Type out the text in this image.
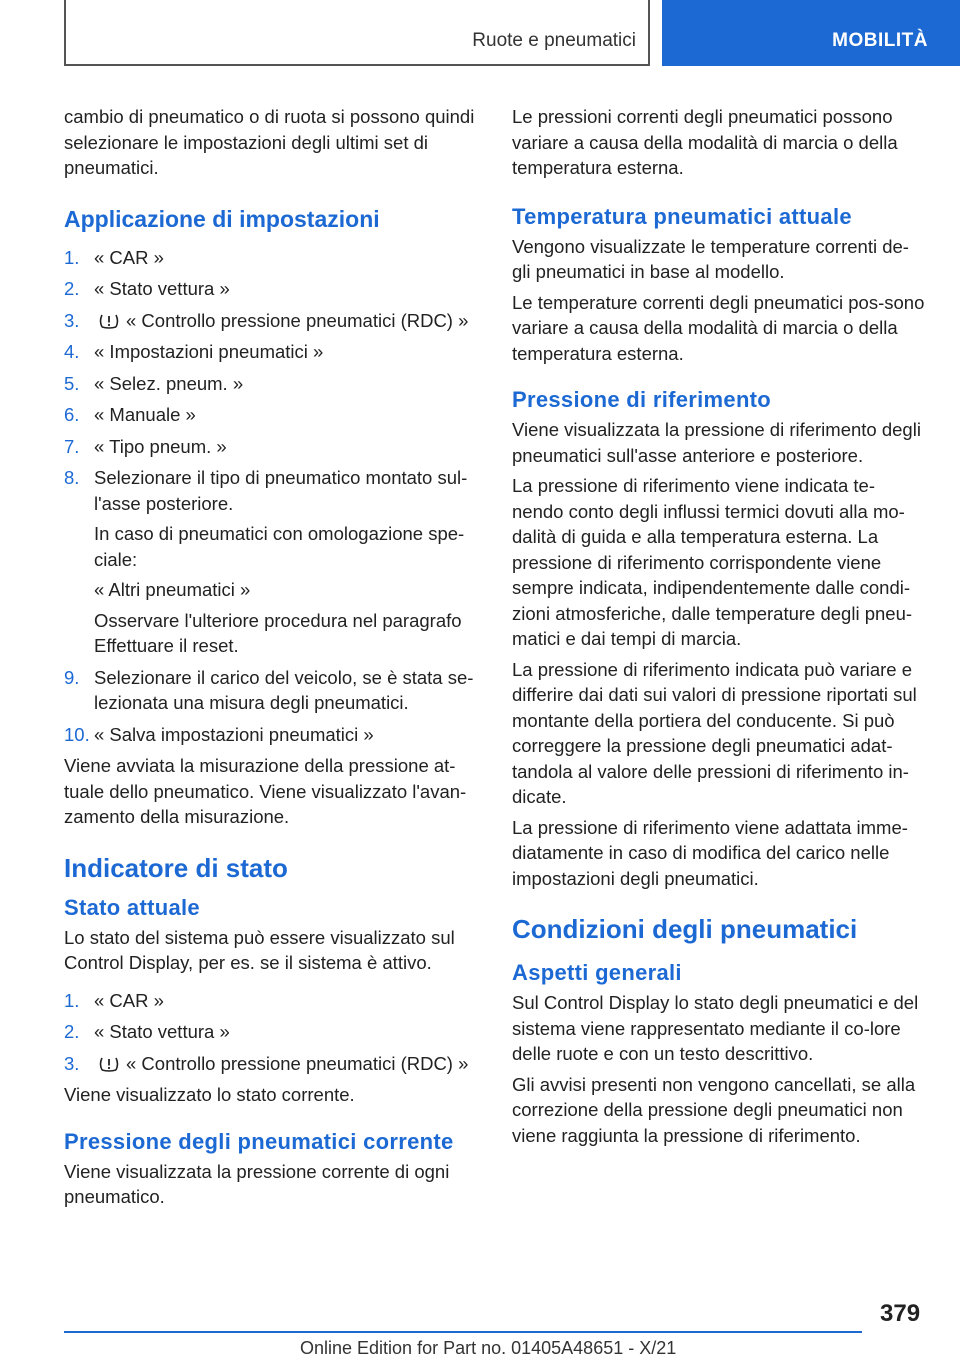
Ruote e pneumatici	MOBILITÀ

cambio di pneumatico o di ruota si possono quindi selezionare le impostazioni degli ultimi set di pneumatici.

Applicazione di impostazioni
1. « CAR »
2. « Stato vettura »
3.	« Controllo pressione pneumatici (RDC) »
4. « Impostazioni pneumatici »
5. « Selez. pneum. »
6. « Manuale »
7. « Tipo pneum. »
8. Selezionare il tipo di pneumatico montato sul-l'asse posteriore.
In caso di pneumatici con omologazione spe-ciale:
« Altri pneumatici »
Osservare l'ulteriore procedura nel paragrafo Effettuare il reset.
9. Selezionare il carico del veicolo, se è stata se-lezionata una misura degli pneumatici.
10. « Salva impostazioni pneumatici »

Viene avviata la misurazione della pressione at-tuale dello pneumatico. Viene visualizzato l'avan-zamento della misurazione.

Indicatore di stato
Stato attuale

Lo stato del sistema può essere visualizzato sul Control Display, per es. se il sistema è attivo.

1. « CAR »
2. « Stato vettura »
3.	« Controllo pressione pneumatici (RDC) »

Viene visualizzato lo stato corrente.

Pressione degli pneumatici corrente

Viene visualizzata la pressione corrente di ogni pneumatico.

Le pressioni correnti degli pneumatici possono variare a causa della modalità di marcia o della temperatura esterna.

Temperatura pneumatici attuale

Vengono visualizzate le temperature correnti de-gli pneumatici in base al modello.

Le temperature correnti degli pneumatici pos-sono variare a causa della modalità di marcia o della temperatura esterna.

Pressione di riferimento

Viene visualizzata la pressione di riferimento degli pneumatici sull'asse anteriore e posteriore.

La pressione di riferimento viene indicata te-nendo conto degli influssi termici dovuti alla mo-dalità di guida e alla temperatura esterna. La pressione di riferimento corrispondente viene sempre indicata, indipendentemente dalle condi-zioni atmosferiche, dalle temperature degli pneu-matici e dai tempi di marcia.

La pressione di riferimento indicata può variare e differire dai dati sui valori di pressione riportati sul montante della portiera del conducente. Si può correggere la pressione degli pneumatici adat-tandola al valore delle pressioni di riferimento in-dicate.

La pressione di riferimento viene adattata imme-diatamente in caso di modifica del carico nelle impostazioni degli pneumatici.

Condizioni degli pneumatici
Aspetti generali

Sul Control Display lo stato degli pneumatici e del sistema viene rappresentato mediante il co-lore delle ruote e con un testo descrittivo.

Gli avvisi presenti non vengono cancellati, se alla correzione della pressione degli pneumatici non viene raggiunta la pressione di riferimento.

379
Online Edition for Part no. 01405A48651 - X/21
